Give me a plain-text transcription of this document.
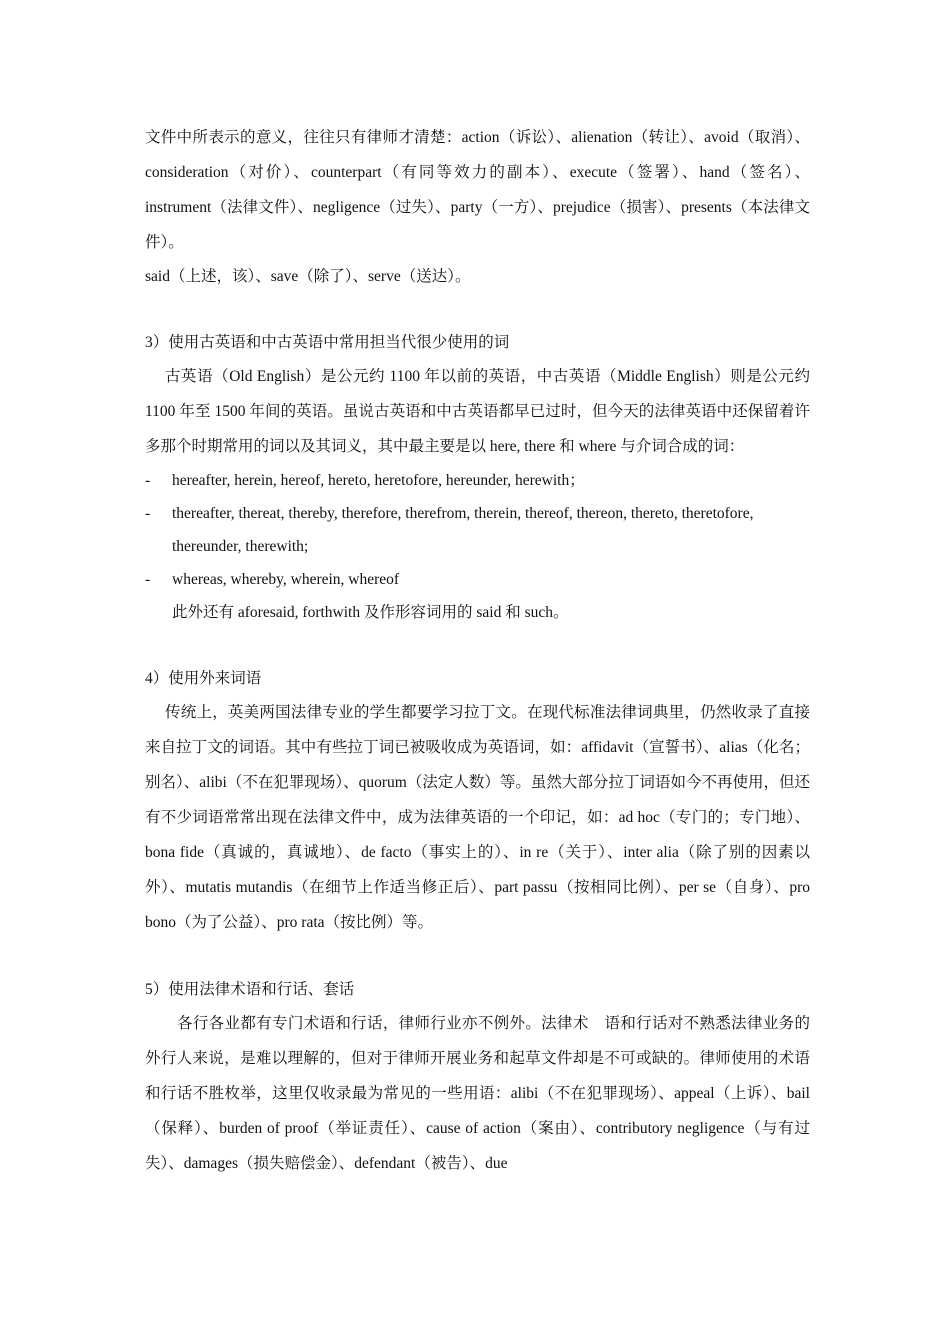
文件中所表示的意义，往往只有律师才清楚：action（诉讼）、alienation（转让）、avoid（取消）、consideration（对价）、counterpart（有同等效力的副本）、execute（签署）、hand（签名）、instrument（法律文件）、negligence（过失）、party（一方）、prejudice（损害）、presents（本法律文件）。

said（上述，该）、save（除了）、serve（送达）。

3）使用古英语和中古英语中常用担当代很少使用的词

古英语（Old English）是公元约 1100 年以前的英语，中古英语（Middle English）则是公元约 1100 年至 1500 年间的英语。虽说古英语和中古英语都早已过时，但今天的法律英语中还保留着许多那个时期常用的词以及其词义，其中最主要是以 here, there 和 where 与介词合成的词：

- hereafter, herein, hereof, hereto, heretofore, hereunder, herewith；

- thereafter, thereat, thereby, therefore, therefrom, therein, thereof, thereon, thereto, theretofore,
thereunder, therewith;

- whereas, whereby, wherein, whereof

此外还有 aforesaid, forthwith 及作形容词用的 said 和 such。

4）使用外来词语

传统上，英美两国法律专业的学生都要学习拉丁文。在现代标准法律词典里，仍然收录了直接来自拉丁文的词语。其中有些拉丁词已被吸收成为英语词，如：affidavit（宣誓书）、alias（化名；别名）、alibi（不在犯罪现场）、quorum（法定人数）等。虽然大部分拉丁词语如今不再使用，但还有不少词语常常出现在法律文件中，成为法律英语的一个印记，如：ad hoc（专门的；专门地）、bona fide（真诚的，真诚地）、de facto（事实上的）、in re（关于）、inter alia（除了别的因素以外）、mutatis mutandis（在细节上作适当修正后）、part passu（按相同比例）、per se（自身）、pro bono（为了公益）、pro rata（按比例）等。

5）使用法律术语和行话、套话

各行各业都有专门术语和行话，律师行业亦不例外。法律术　语和行话对不熟悉法律业务的外行人来说，是难以理解的，但对于律师开展业务和起草文件却是不可或缺的。律师使用的术语和行话不胜枚举，这里仅收录最为常见的一些用语：alibi（不在犯罪现场）、appeal（上诉）、bail（保释）、burden of proof（举证责任）、cause of action（案由）、contributory negligence（与有过失）、damages（损失赔偿金）、defendant（被告）、due
